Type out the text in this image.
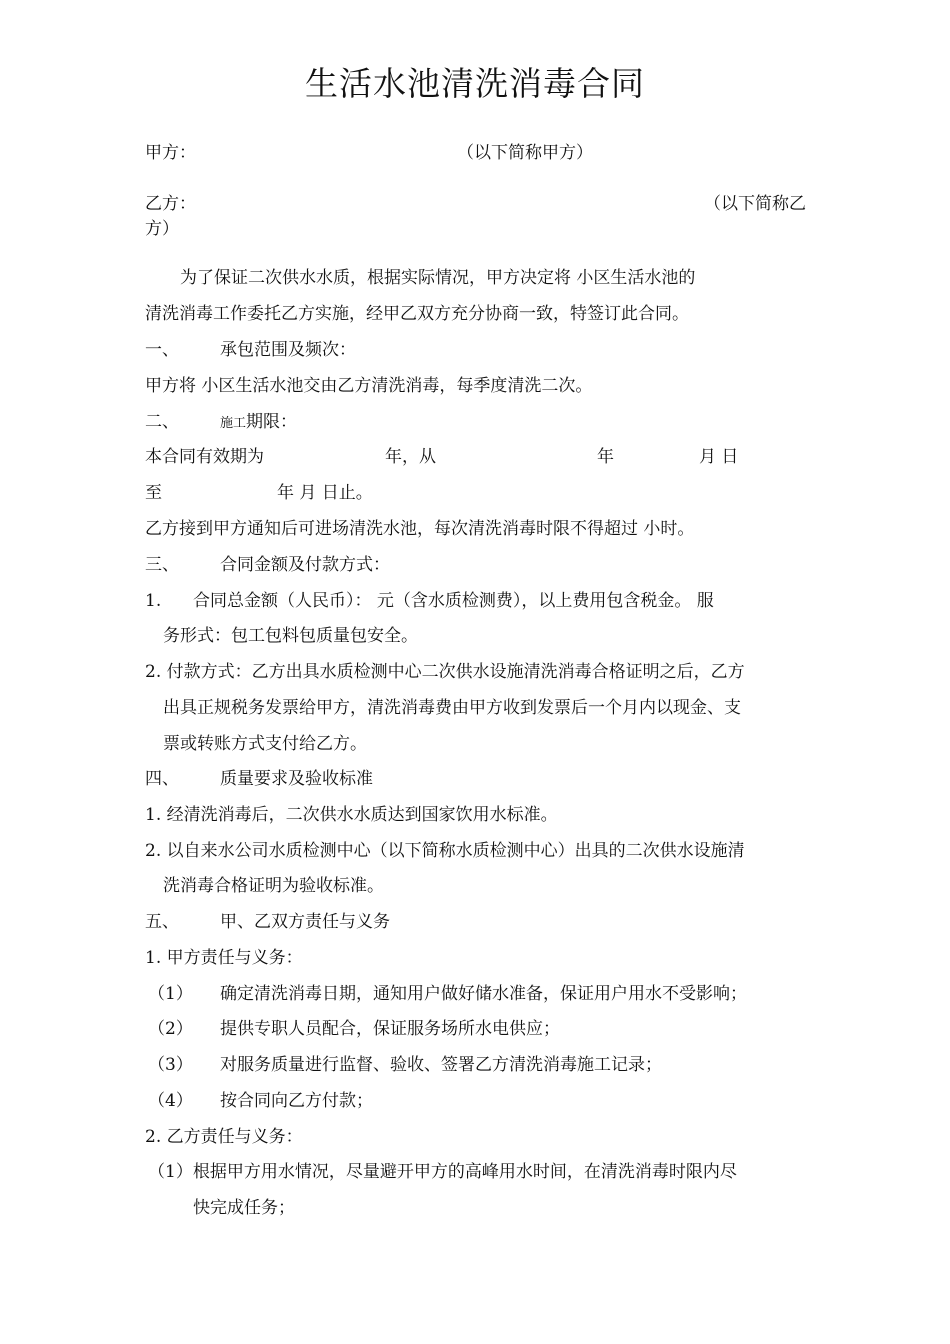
生活水池清洗消毒合同
甲方：	（以下简称甲方）
乙方：	（以下简称乙
方）
为了保证二次供水水质，根据实际情况，甲方决定将 小区生活水池的
清洗消毒工作委托乙方实施，经甲乙双方充分协商一致，特签订此合同。
一、 承包范围及频次：
甲方将 小区生活水池交由乙方清洗消毒，每季度清洗二次。
二、	施工期限：
本合同有效期为	年，从	年	月 日
至	年 月 日止。
乙方接到甲方通知后可进场清洗水池，每次清洗消毒时限不得超过 小时。
三、 合同金额及付款方式：
1. 合同总金额（人民币）： 元（含水质检测费），以上费用包含税金。 服
务形式：包工包料包质量包安全。
2. 付款方式：乙方出具水质检测中心二次供水设施清洗消毒合格证明之后，乙方
出具正规税务发票给甲方，清洗消毒费由甲方收到发票后一个月内以现金、支
票或转账方式支付给乙方。
四、 质量要求及验收标准
1. 经清洗消毒后，二次供水水质达到国家饮用水标准。
2. 以自来水公司水质检测中心（以下简称水质检测中心）出具的二次供水设施清
洗消毒合格证明为验收标准。
五、 甲、乙双方责任与义务
1. 甲方责任与义务：
（1） 确定清洗消毒日期，通知用户做好储水准备，保证用户用水不受影响；
（2） 提供专职人员配合，保证服务场所水电供应；
（3） 对服务质量进行监督、验收、签署乙方清洗消毒施工记录；
（4） 按合同向乙方付款；
2. 乙方责任与义务：
（1）根据甲方用水情况，尽量避开甲方的高峰用水时间，在清洗消毒时限内尽
快完成任务；
